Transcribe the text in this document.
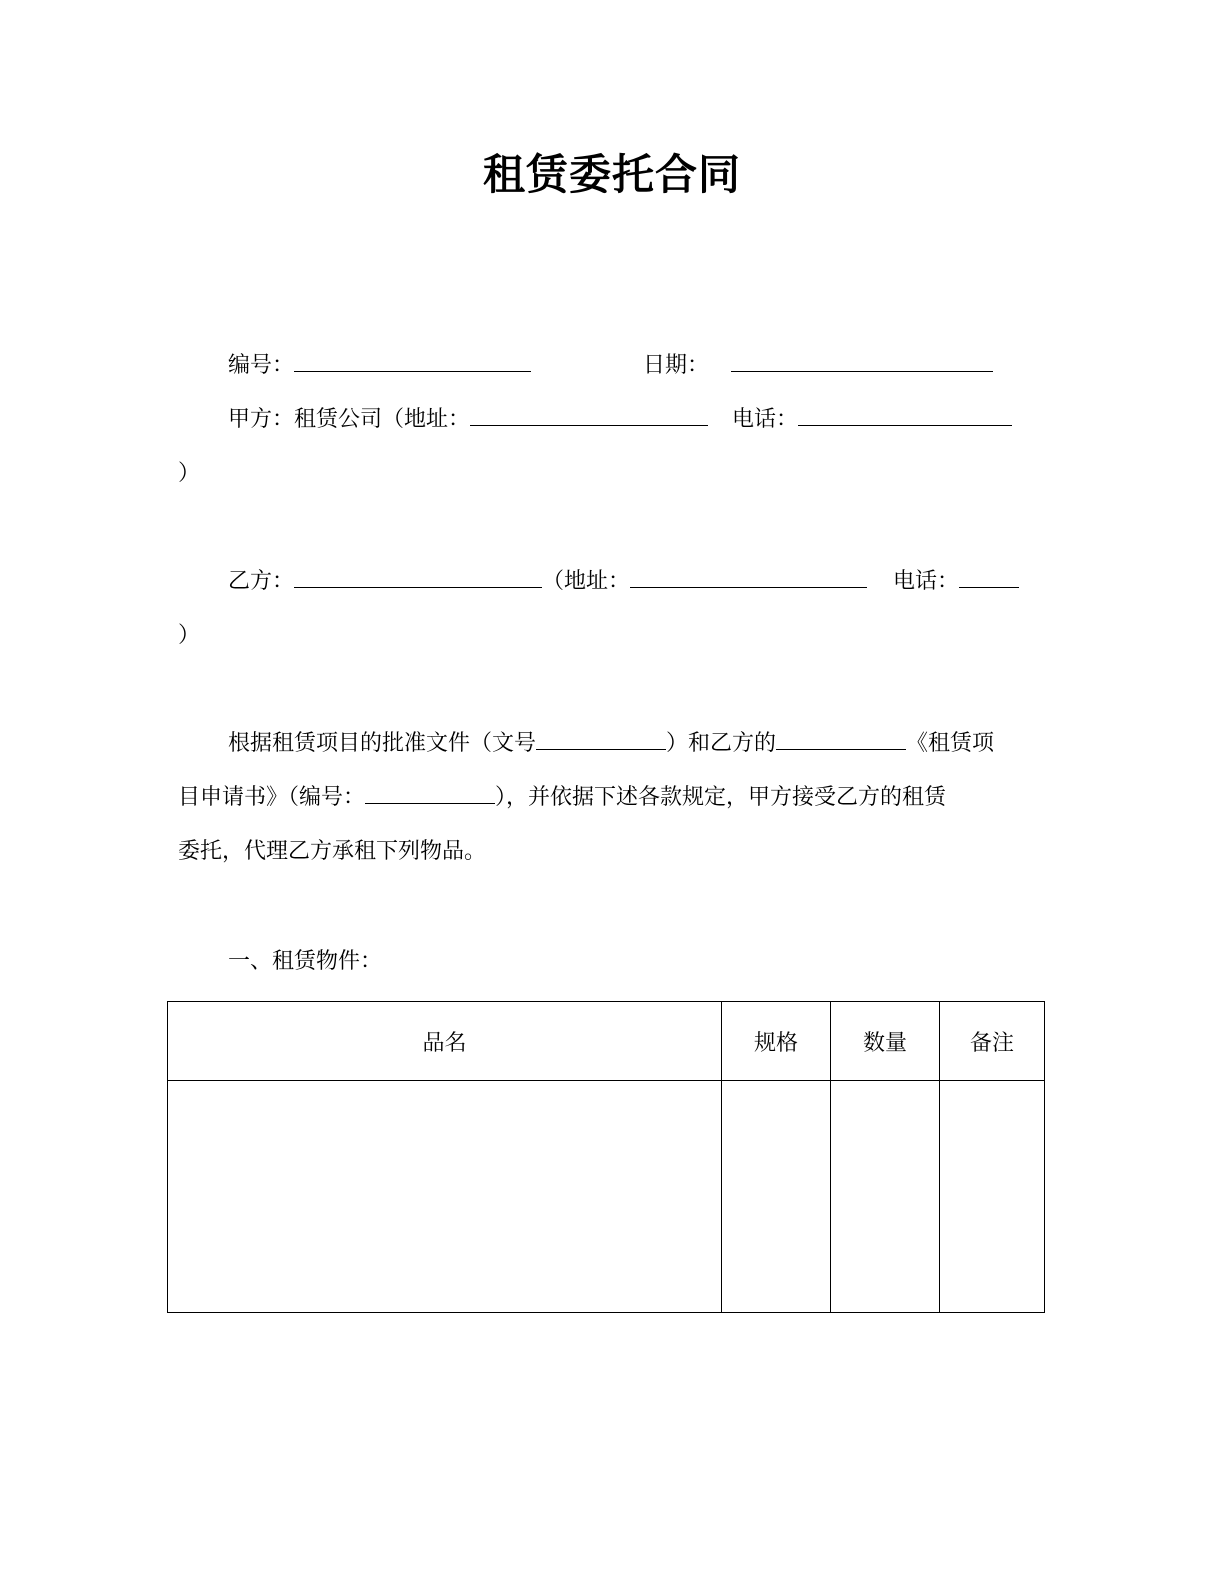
租赁委托合同
编号：	日期：
甲方：租赁公司（地址：	电话：
）
乙方：	（地址：	电话：
）
根据租赁项目的批准文件（文号	）和乙方的	《租赁项
目申请书》（编号：	），并依据下述各款规定，甲方接受乙方的租赁
委托，代理乙方承租下列物品。
一、租赁物件：
品名	规格	数量	备注
